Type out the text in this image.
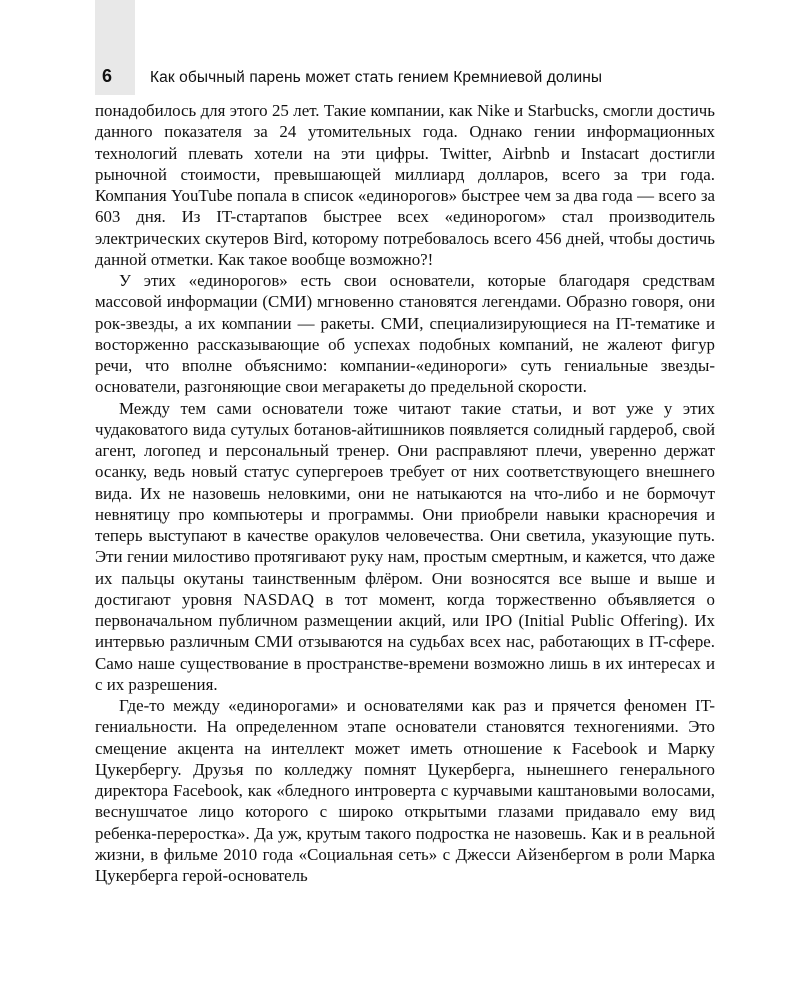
6	Как обычный парень может стать гением Кремниевой долины

понадобилось для этого 25 лет. Такие компании, как Nike и Starbucks, смогли достичь данного показателя за 24 утомительных года. Однако гении информационных технологий плевать хотели на эти цифры. Twitter, Airbnb и Instacart достигли рыночной стоимости, превышающей миллиард долларов, всего за три года. Компания YouTube попала в список «единорогов» быстрее чем за два года — всего за 603 дня. Из IT-стартапов быстрее всех «единорогом» стал производитель электрических скутеров Bird, которому потребовалось всего 456 дней, чтобы достичь данной отметки. Как такое вообще возможно?!

У этих «единорогов» есть свои основатели, которые благодаря средствам массовой информации (СМИ) мгновенно становятся легендами. Образно говоря, они рок-звезды, а их компании — ракеты. СМИ, специализирующиеся на IT-тематике и восторженно рассказывающие об успехах подобных компаний, не жалеют фигур речи, что вполне объяснимо: компании-«единороги» суть гениальные звезды-основатели, разгоняющие свои мегаракеты до предельной скорости.

Между тем сами основатели тоже читают такие статьи, и вот уже у этих чудаковатого вида сутулых ботанов-айтишников появляется солидный гардероб, свой агент, логопед и персональный тренер. Они расправляют плечи, уверенно держат осанку, ведь новый статус супергероев требует от них соответствующего внешнего вида. Их не назовешь неловкими, они не натыкаются на что-либо и не бормочут невнятицу про компьютеры и программы. Они приобрели навыки красноречия и теперь выступают в качестве оракулов человечества. Они светила, указующие путь. Эти гении милостиво протягивают руку нам, простым смертным, и кажется, что даже их пальцы окутаны таинственным флёром. Они возносятся все выше и выше и достигают уровня NASDAQ в тот момент, когда торжественно объявляется о первоначальном публичном размещении акций, или IPO (Initial Public Offering). Их интервью различным СМИ отзываются на судьбах всех нас, работающих в IT-сфере. Само наше существование в пространстве-времени возможно лишь в их интересах и с их разрешения.

Где-то между «единорогами» и основателями как раз и прячется феномен IT-гениальности. На определенном этапе основатели становятся техногениями. Это смещение акцента на интеллект может иметь отношение к Facebook и Марку Цукербергу. Друзья по колледжу помнят Цукерберга, нынешнего генерального директора Facebook, как «бледного интроверта с курчавыми каштановыми волосами, веснушчатое лицо которого с широко открытыми глазами придавало ему вид ребенка-переростка». Да уж, крутым такого подростка не назовешь. Как и в реальной жизни, в фильме 2010 года «Социальная сеть» с Джесси Айзенбергом в роли Марка Цукерберга герой-основатель
